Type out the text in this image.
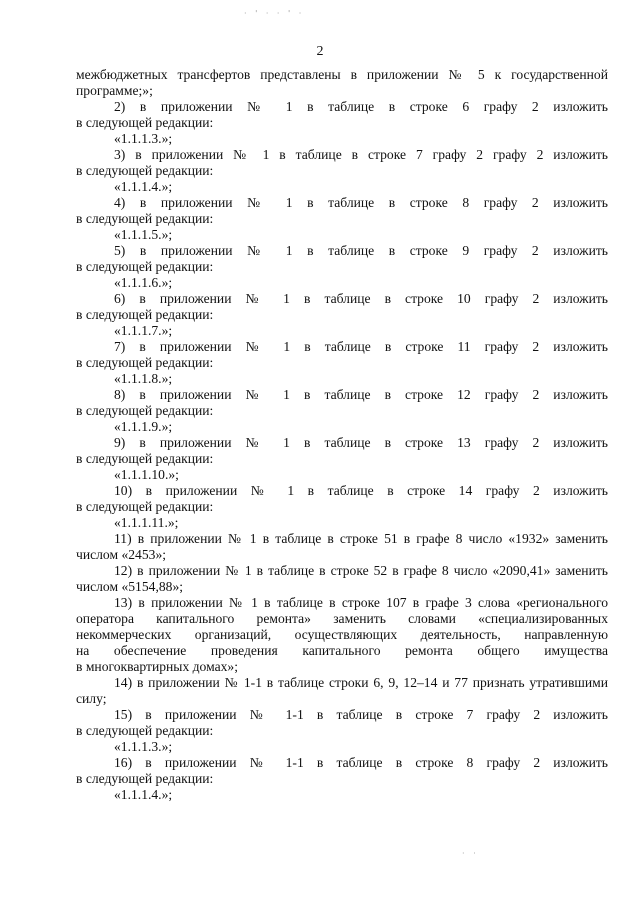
· ' · · ' ·
2
межбюджетных трансфертов представлены в приложении № 5 к государственной
программе;»;
2) в приложении № 1 в таблице в строке 6 графу 2 изложить
в следующей редакции:
«1.1.1.3.»;
3) в приложении № 1 в таблице в строке 7 графу 2 графу 2 изложить
в следующей редакции:
«1.1.1.4.»;
4) в приложении № 1 в таблице в строке 8 графу 2 изложить
в следующей редакции:
«1.1.1.5.»;
5) в приложении № 1 в таблице в строке 9 графу 2 изложить
в следующей редакции:
«1.1.1.6.»;
6) в приложении № 1 в таблице в строке 10 графу 2 изложить
в следующей редакции:
«1.1.1.7.»;
7) в приложении № 1 в таблице в строке 11 графу 2 изложить
в следующей редакции:
«1.1.1.8.»;
8) в приложении № 1 в таблице в строке 12 графу 2 изложить
в следующей редакции:
«1.1.1.9.»;
9) в приложении № 1 в таблице в строке 13 графу 2 изложить
в следующей редакции:
«1.1.1.10.»;
10) в приложении № 1 в таблице в строке 14 графу 2 изложить
в следующей редакции:
«1.1.1.11.»;
11) в приложении № 1 в таблице в строке 51 в графе 8 число «1932» заменить
числом «2453»;
12) в приложении № 1 в таблице в строке 52 в графе 8 число «2090,41» заменить
числом «5154,88»;
13) в приложении № 1 в таблице в строке 107 в графе 3 слова «регионального
оператора капитального ремонта» заменить словами «специализированных
некоммерческих организаций, осуществляющих деятельность, направленную
на обеспечение проведения капитального ремонта общего имущества
в многоквартирных домах»;
14) в приложении № 1-1 в таблице строки 6, 9, 12–14 и 77 признать утратившими
силу;
15) в приложении № 1-1 в таблице в строке 7 графу 2 изложить
в следующей редакции:
«1.1.1.3.»;
16) в приложении № 1-1 в таблице в строке 8 графу 2 изложить
в следующей редакции:
«1.1.1.4.»;
· ·
